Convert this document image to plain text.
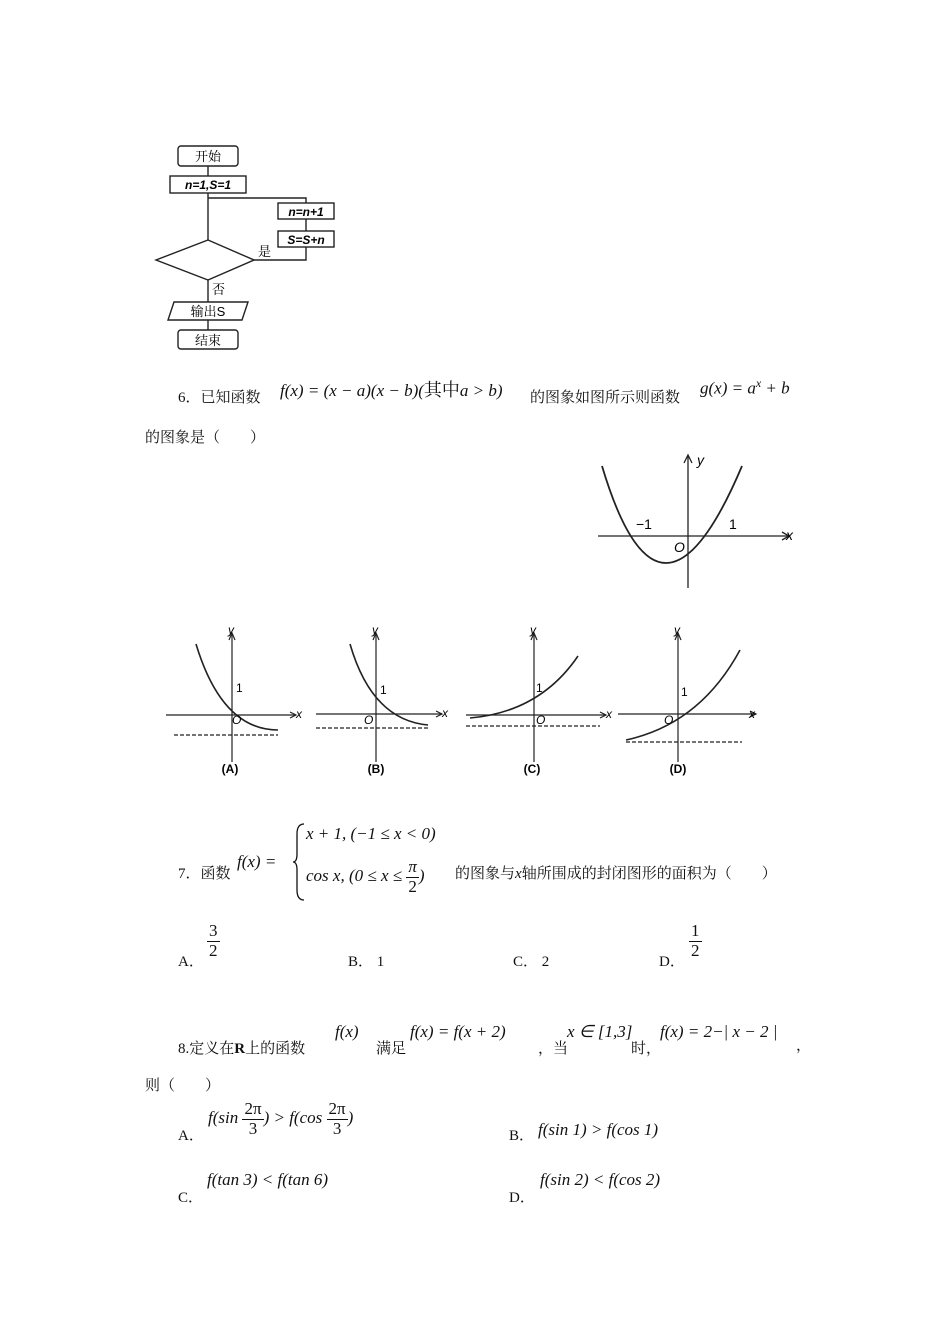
开始
n=1,S=1
n=n+1
S=S+n
是
否
输出S
结束
6．已知函数 f(x) = (x − a)(x − b)(其中a > b) 的图象如图所示则函数
$g(x) = a^x + b$
的图象是（　　）
y
x
O
−1	1
y
x
1
O
y
x
1
O
y
x
1
O
y
x
1
O
(A)	(B)	(C)	(D)
7．函数
f(x) =
x + 1, (−1 ≤ x < 0)
cos x, ($0 \le x \le \frac{\pi}{2}$ ) 的图象与x轴所围成的封闭图形的面积为（　　）
A．
$\frac{3}{2}$
B． 1	C． 2	D．
$\frac{1}{2}$
8.定义在R上的函数
f(x)
满足
f(x) = f(x + 2)
，当
x ∈ [1,3]
时，
f(x) = 2−| x − 2 |
，
则（　　）
A．
$f(\sin \frac{2\pi}{3}$ ) > $f(\cos \frac{2\pi}{3}$ )
B． f(sin 1) > f(cos 1)
C．
f(tan 3) < f(tan 6)
D．
f(sin 2) < f(cos 2)
